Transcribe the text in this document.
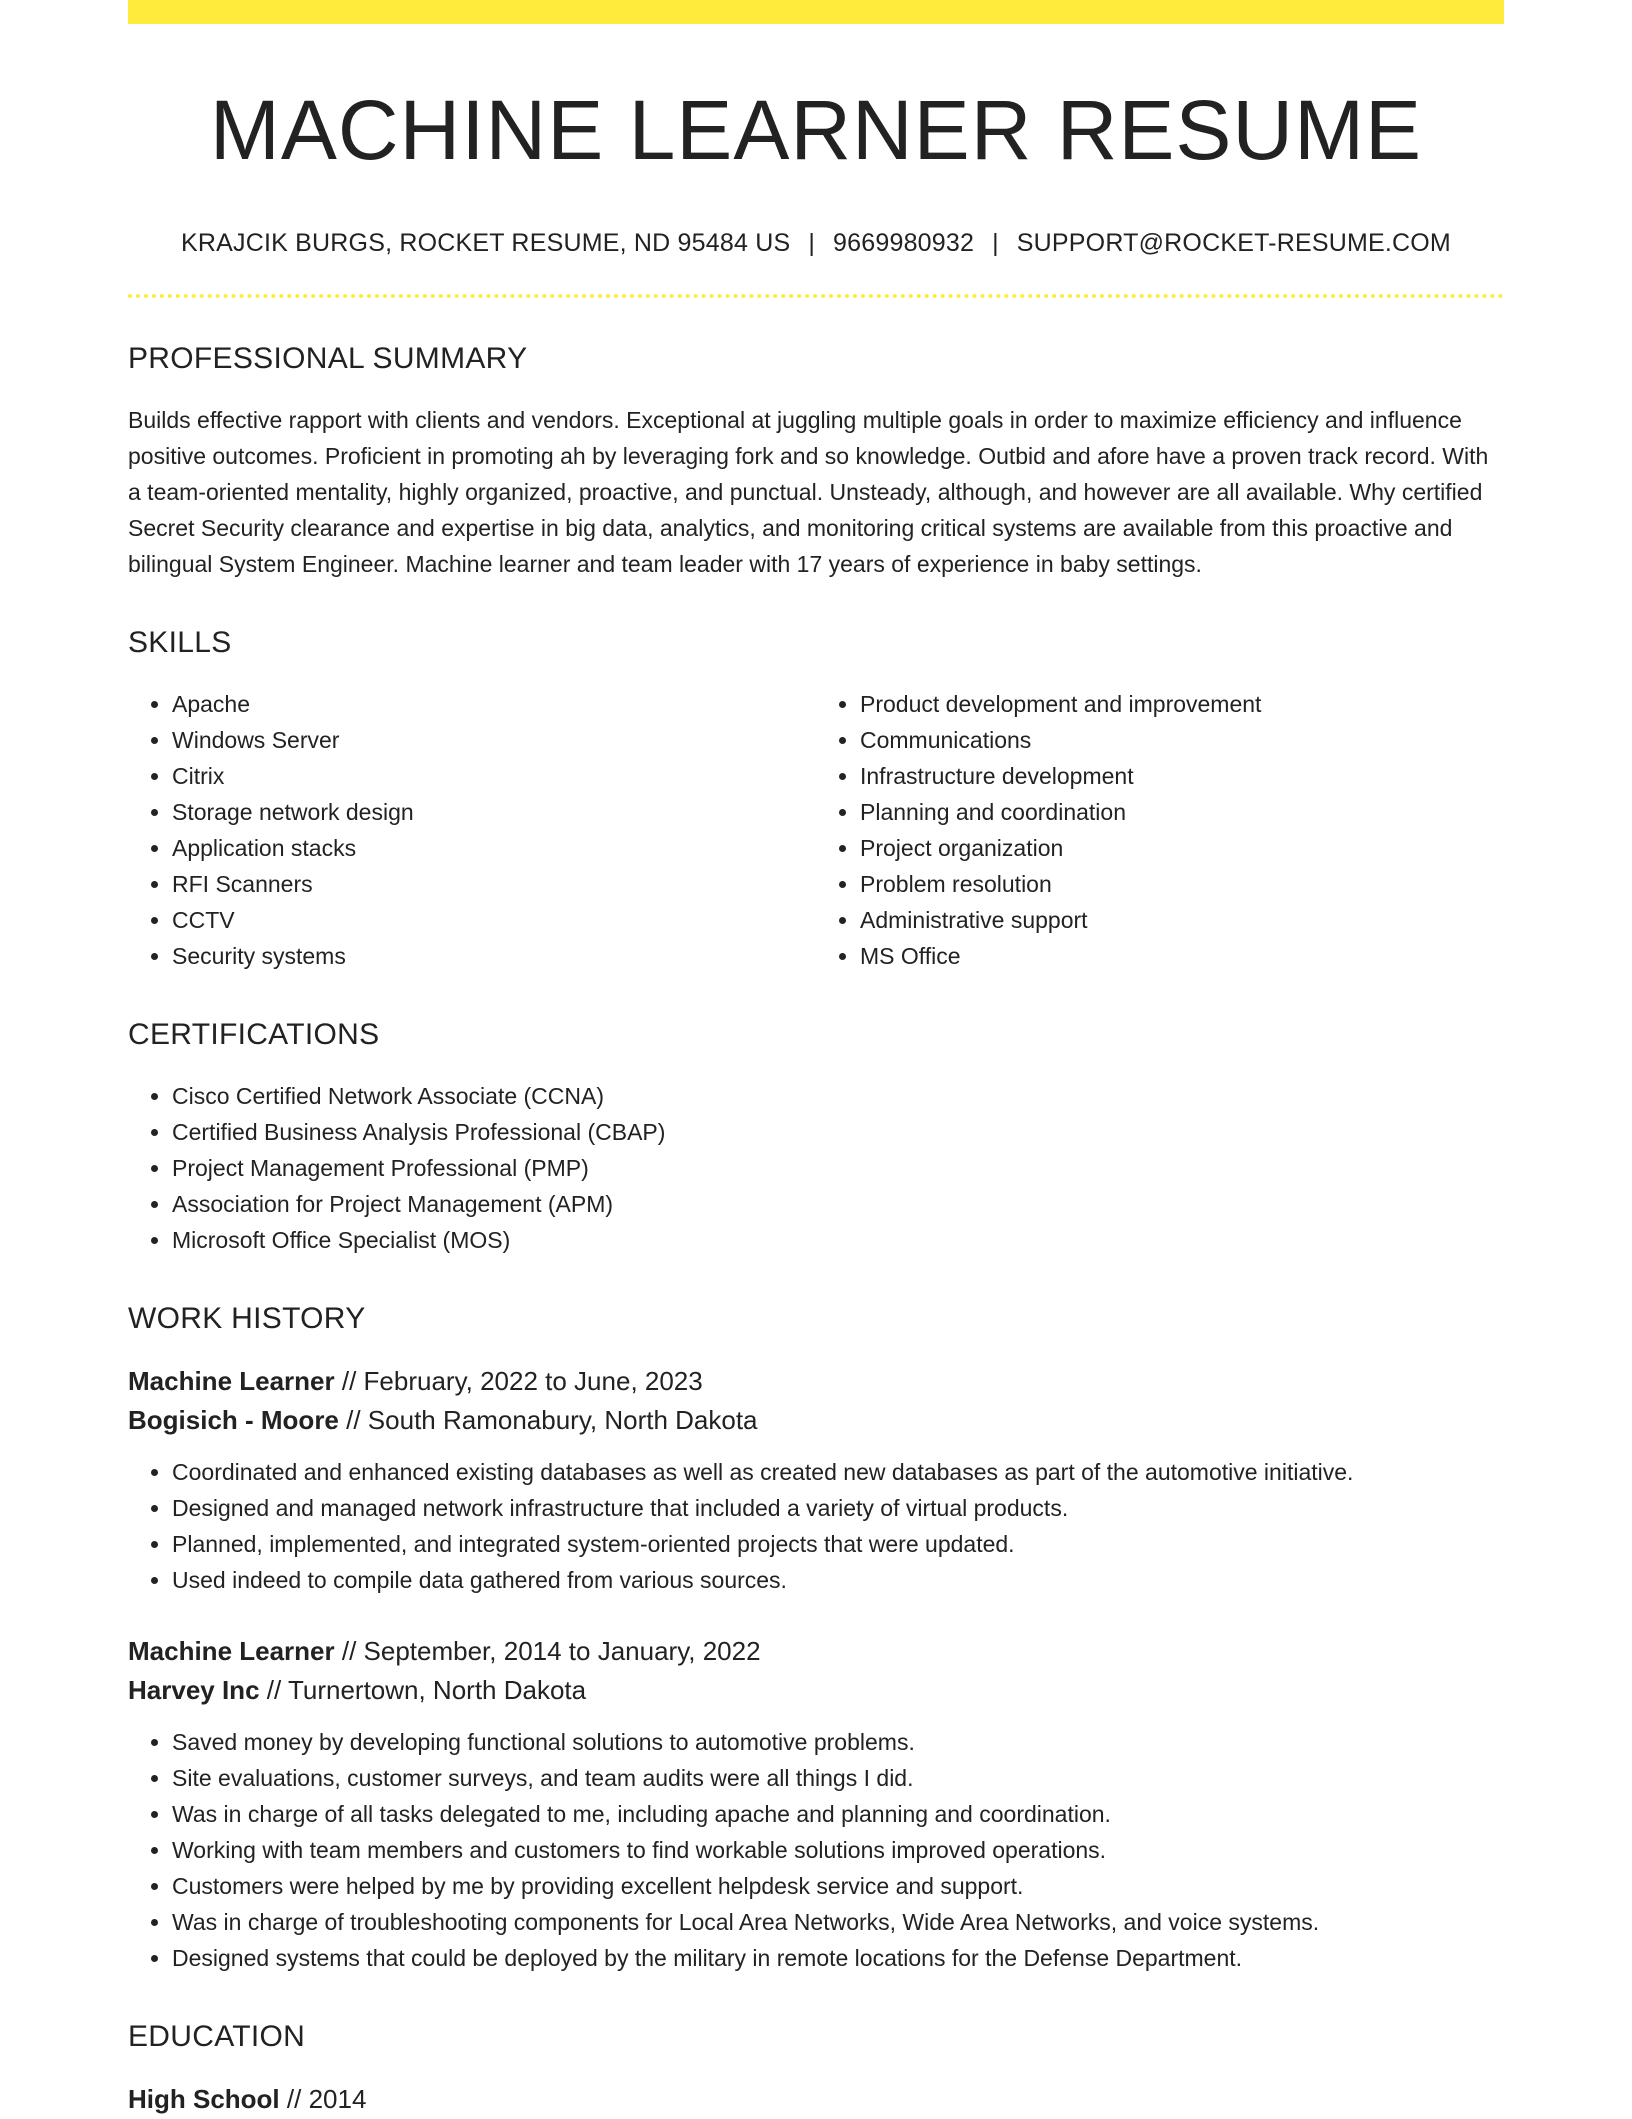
MACHINE LEARNER RESUME
KRAJCIK BURGS, ROCKET RESUME, ND 95484 US | 9669980932 | SUPPORT@ROCKET-RESUME.COM
PROFESSIONAL SUMMARY

Builds effective rapport with clients and vendors. Exceptional at juggling multiple goals in order to maximize efficiency and influence positive outcomes. Proficient in promoting ah by leveraging fork and so knowledge. Outbid and afore have a proven track record. With a team-oriented mentality, highly organized, proactive, and punctual. Unsteady, although, and however are all available. Why certified Secret Security clearance and expertise in big data, analytics, and monitoring critical systems are available from this proactive and bilingual System Engineer. Machine learner and team leader with 17 years of experience in baby settings.

SKILLS
• Apache
• Windows Server
• Citrix
• Storage network design
• Application stacks
• RFI Scanners
• CCTV
• Security systems
• Product development and improvement
• Communications
• Infrastructure development
• Planning and coordination
• Project organization
• Problem resolution
• Administrative support
• MS Office
CERTIFICATIONS
• Cisco Certified Network Associate (CCNA)
• Certified Business Analysis Professional (CBAP)
• Project Management Professional (PMP)
• Association for Project Management (APM)
• Microsoft Office Specialist (MOS)
WORK HISTORY
Machine Learner // February, 2022 to June, 2023
Bogisich - Moore // South Ramonabury, North Dakota
• Coordinated and enhanced existing databases as well as created new databases as part of the automotive initiative.
• Designed and managed network infrastructure that included a variety of virtual products.
• Planned, implemented, and integrated system-oriented projects that were updated.
• Used indeed to compile data gathered from various sources.
Machine Learner // September, 2014 to January, 2022
Harvey Inc // Turnertown, North Dakota
• Saved money by developing functional solutions to automotive problems.
• Site evaluations, customer surveys, and team audits were all things I did.
• Was in charge of all tasks delegated to me, including apache and planning and coordination.
• Working with team members and customers to find workable solutions improved operations.
• Customers were helped by me by providing excellent helpdesk service and support.
• Was in charge of troubleshooting components for Local Area Networks, Wide Area Networks, and voice systems.
• Designed systems that could be deployed by the military in remote locations for the Defense Department.
EDUCATION
High School // 2014
